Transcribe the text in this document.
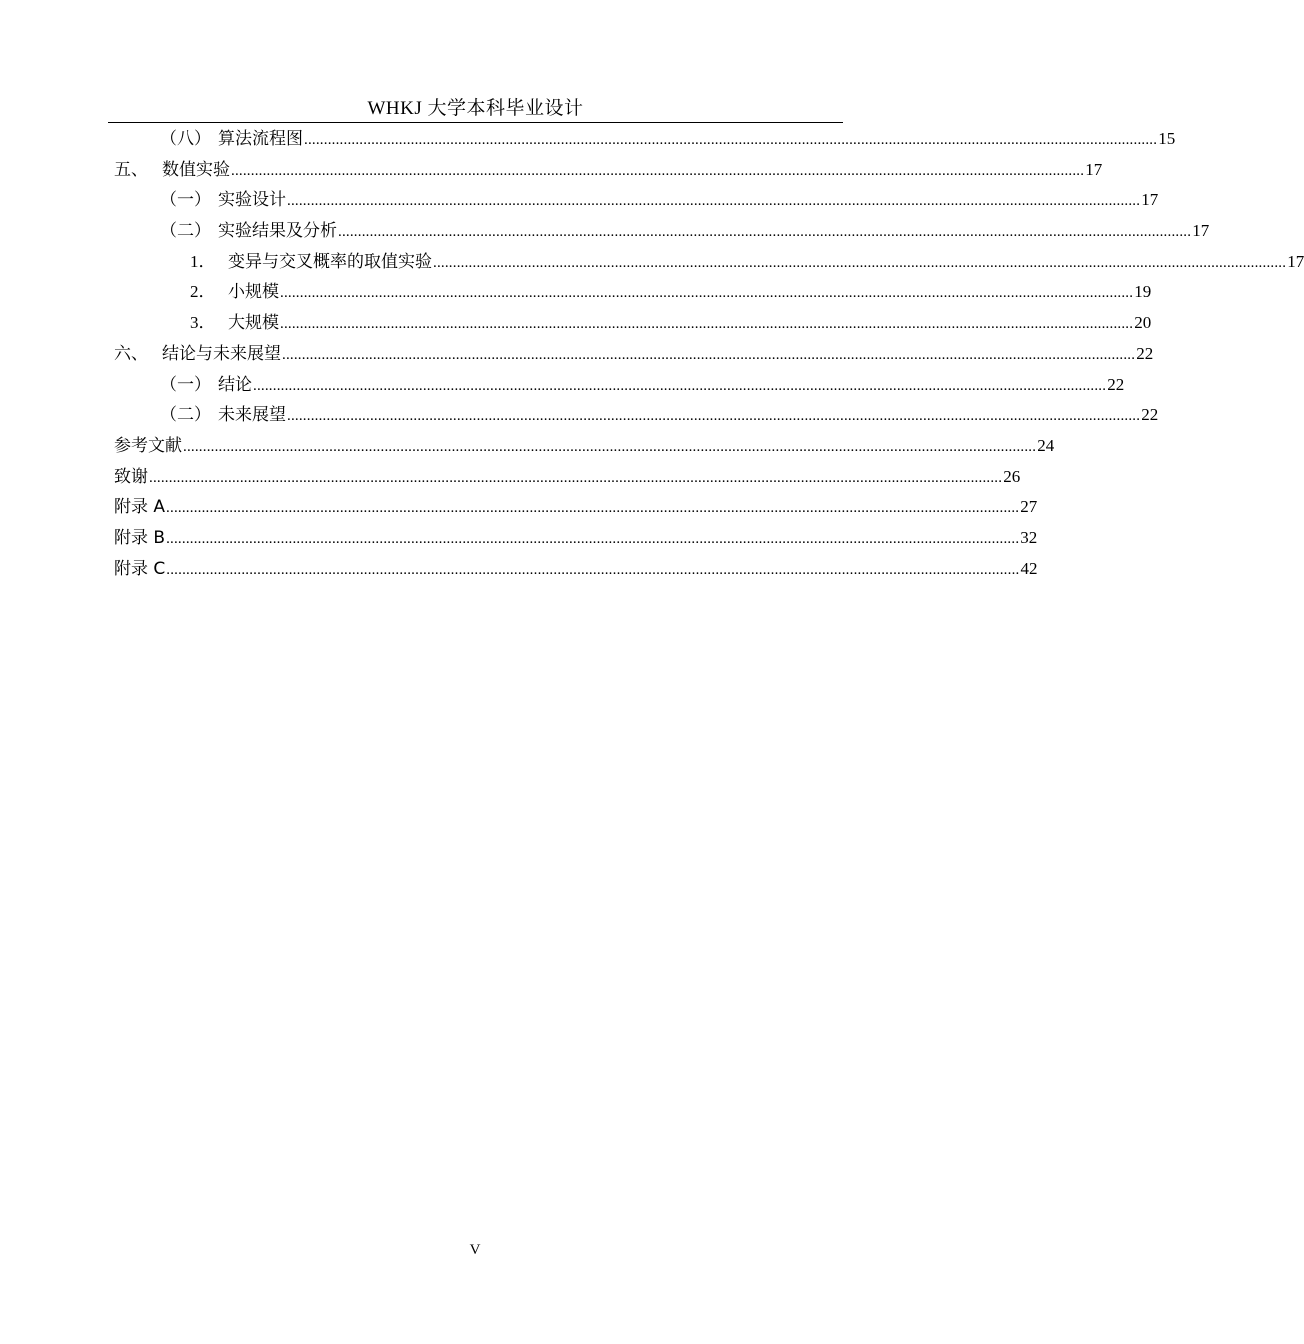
WHKJ 大学本科毕业设计
（八） 算法流程图 ........................................................................................................................................................................................................................ 15
五、 数值实验 ........................................................................................................................................................................................................................ 17
（一） 实验设计 ........................................................................................................................................................................................................................ 17
（二） 实验结果及分析 ........................................................................................................................................................................................................................ 17
1． 变异与交叉概率的取值实验 ........................................................................................................................................................................................................................ 17
2． 小规模 ........................................................................................................................................................................................................................ 19
3． 大规模 ........................................................................................................................................................................................................................ 20
六、 结论与未来展望 ........................................................................................................................................................................................................................ 22
（一） 结论 ........................................................................................................................................................................................................................ 22
（二） 未来展望 ........................................................................................................................................................................................................................ 22
参考文献 ........................................................................................................................................................................................................................ 24
致谢 ........................................................................................................................................................................................................................ 26
附录 A ........................................................................................................................................................................................................................ 27
附录 B ........................................................................................................................................................................................................................ 32
附录 C ........................................................................................................................................................................................................................ 42
V
